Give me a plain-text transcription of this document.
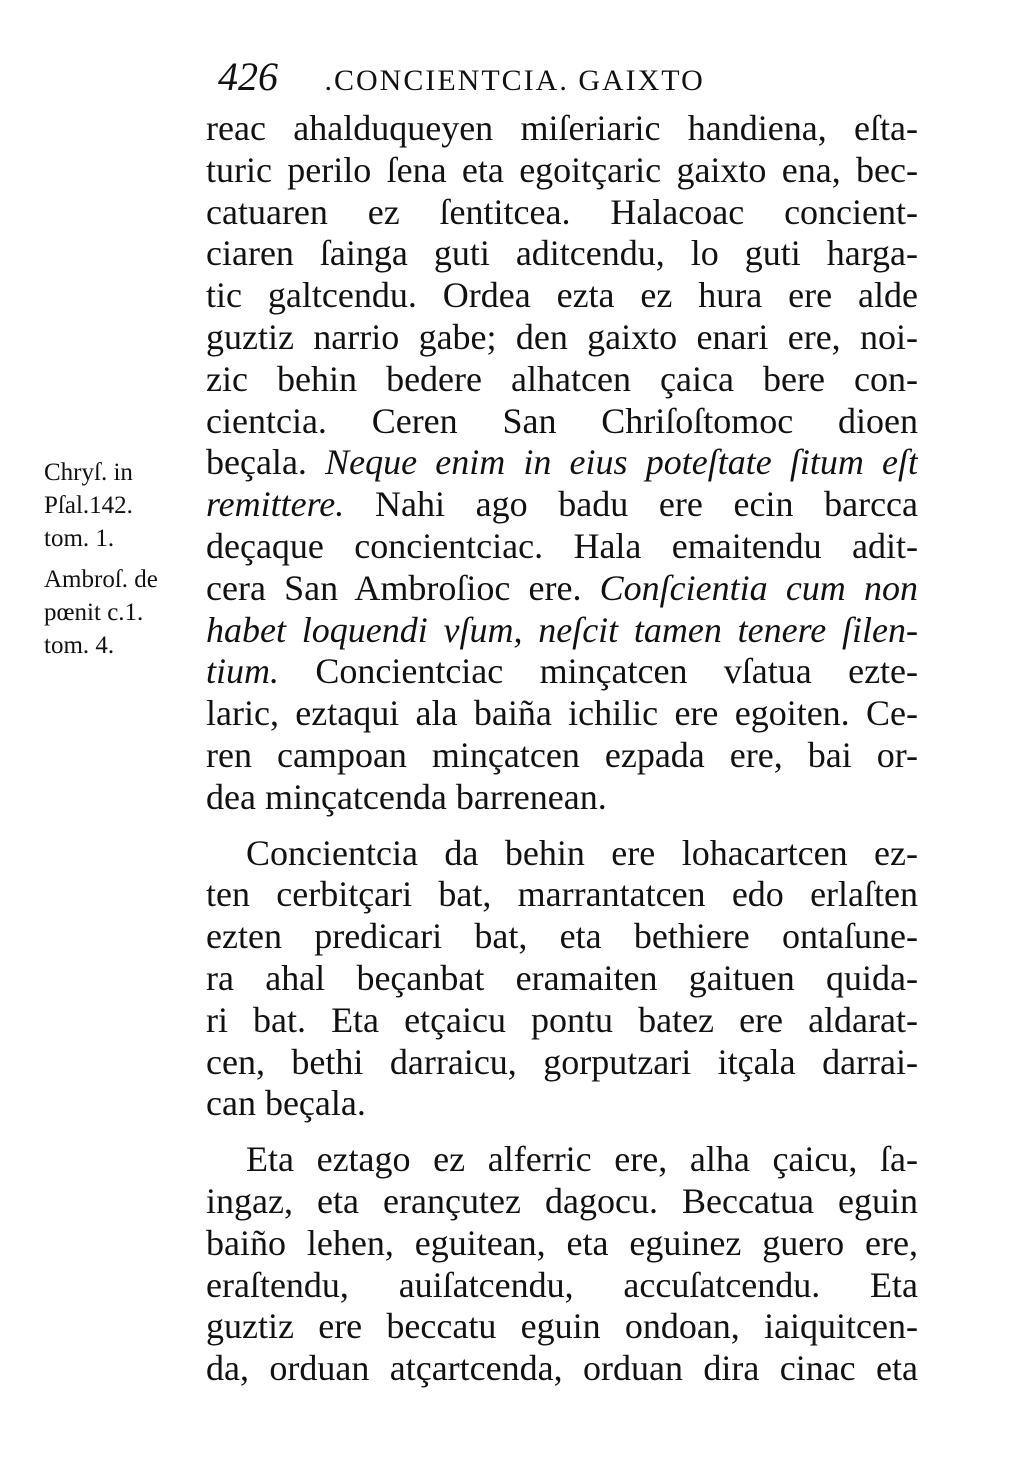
426 .CONCIENTCIA. GAIXTO
Chryſ. in
Pſal.142.
tom. 1.
Ambroſ. de
pœnit c.1.
tom. 4.
reac ahalduqueyen miſeriaric handiena, eſta-
turic perilo ſena eta egoitçaric gaixto ena, bec-
catuaren ez ſentitcea. Halacoac concient-
ciaren ſainga guti aditcendu, lo guti harga-
tic galtcendu. Ordea ezta ez hura ere alde
guztiz narrio gabe; den gaixto enari ere, noi-
zic behin bedere alhatcen çaica bere con-
cientcia. Ceren San Chriſoſtomoc dioen
beçala. Neque enim in eius poteſtate ſitum eſt
remittere. Nahi ago badu ere ecin barcca
deçaque concientciac. Hala emaitendu adit-
cera San Ambroſioc ere. Conſcientia cum non
habet loquendi vſum, neſcit tamen tenere ſilen-
tium. Concientciac minçatcen vſatua ezte-
laric, eztaqui ala baiña ichilic ere egoiten. Ce-
ren campoan minçatcen ezpada ere, bai or-
dea minçatcenda barrenean.
Concientcia da behin ere lohacartcen ez-
ten cerbitçari bat, marrantatcen edo erlaſten
ezten predicari bat, eta bethiere ontaſune-
ra ahal beçanbat eramaiten gaituen quida-
ri bat. Eta etçaicu pontu batez ere aldarat-
cen, bethi darraicu, gorputzari itçala darrai-
can beçala.
Eta eztago ez alferric ere, alha çaicu, ſa-
ingaz, eta erançutez dagocu. Beccatua eguin
baiño lehen, eguitean, eta eguinez guero ere,
eraſtendu, auiſatcendu, accuſatcendu. Eta
guztiz ere beccatu eguin ondoan, iaiquitcen-
da, orduan atçartcenda, orduan dira cinac eta
